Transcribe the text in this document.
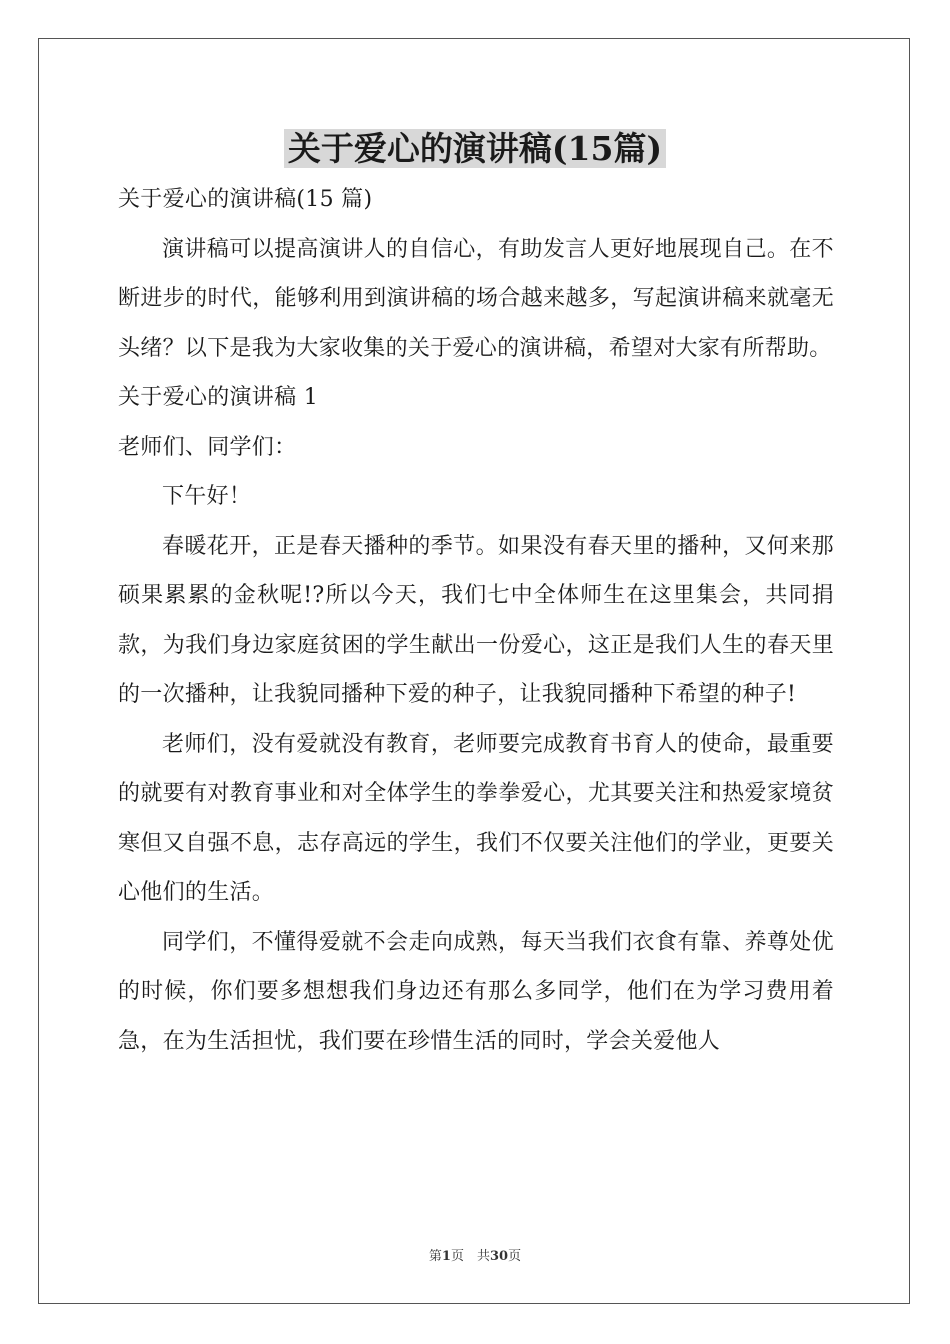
关于爱心的演讲稿(15篇)

关于爱心的演讲稿(15 篇)

演讲稿可以提高演讲人的自信心，有助发言人更好地展现自己。在不断进步的时代，能够利用到演讲稿的场合越来越多，写起演讲稿来就毫无头绪？以下是我为大家收集的关于爱心的演讲稿，希望对大家有所帮助。

关于爱心的演讲稿 1

老师们、同学们：

下午好！

春暖花开，正是春天播种的季节。如果没有春天里的播种，又何来那硕果累累的金秋呢!?所以今天，我们七中全体师生在这里集会，共同捐款，为我们身边家庭贫困的学生献出一份爱心，这正是我们人生的春天里的一次播种，让我貌同播种下爱的种子，让我貌同播种下希望的种子!

老师们，没有爱就没有教育，老师要完成教育书育人的使命，最重要的就要有对教育事业和对全体学生的拳拳爱心，尤其要关注和热爱家境贫寒但又自强不息，志存高远的学生，我们不仅要关注他们的学业，更要关心他们的生活。

同学们，不懂得爱就不会走向成熟，每天当我们衣食有靠、养尊处优的时候，你们要多想想我们身边还有那么多同学，他们在为学习费用着急，在为生活担忧，我们要在珍惜生活的同时，学会关爱他人

第1页　共30页
